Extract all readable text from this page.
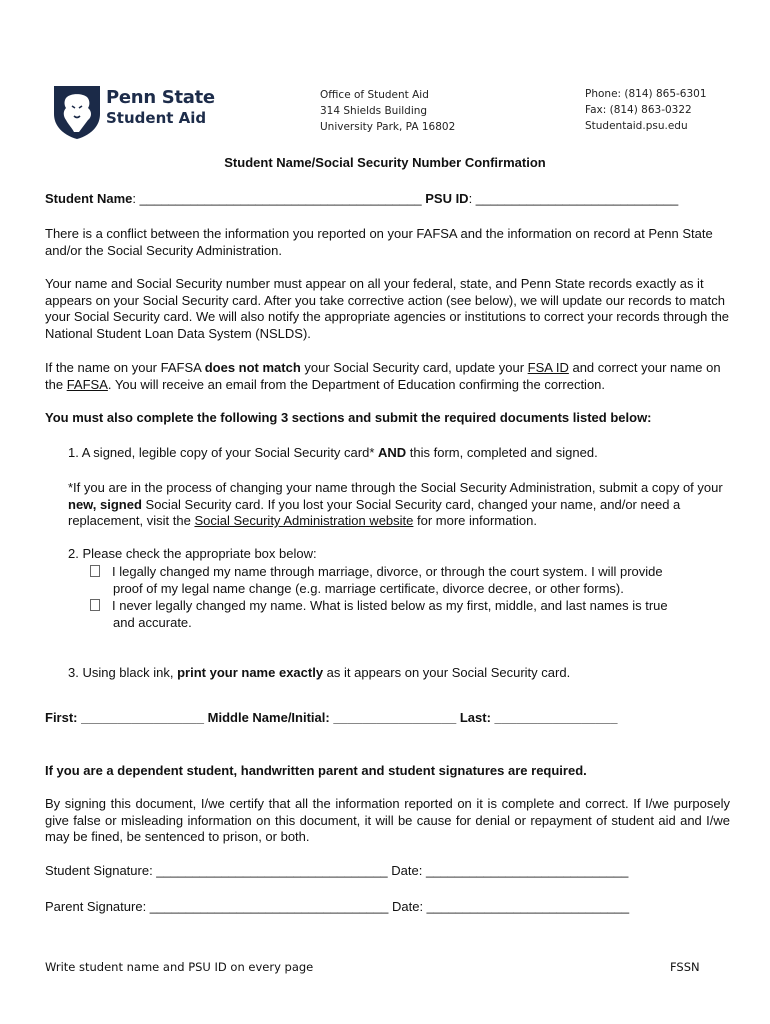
Penn State
Student Aid
Office of Student Aid
314 Shields Building
University Park, PA 16802
Phone: (814) 865-6301
Fax: (814) 863-0322
Studentaid.psu.edu
Student Name/Social Security Number Confirmation
Student Name: _______________________________________ PSU ID: ____________________________
There is a conflict between the information you reported on your FAFSA and the information on record at Penn State and/or the Social Security Administration.
Your name and Social Security number must appear on all your federal, state, and Penn State records exactly as it appears on your Social Security card. After you take corrective action (see below), we will update our records to match your Social Security card. We will also notify the appropriate agencies or institutions to correct your records through the National Student Loan Data System (NSLDS).
If the name on your FAFSA does not match your Social Security card, update your FSA ID and correct your name on the FAFSA. You will receive an email from the Department of Education confirming the correction.
You must also complete the following 3 sections and submit the required documents listed below:
1. A signed, legible copy of your Social Security card* AND this form, completed and signed.
*If you are in the process of changing your name through the Social Security Administration, submit a copy of your new, signed Social Security card. If you lost your Social Security card, changed your name, and/or need a replacement, visit the Social Security Administration website for more information.
2. Please check the appropriate box below:
I legally changed my name through marriage, divorce, or through the court system. I will provide
proof of my legal name change (e.g. marriage certificate, divorce decree, or other forms).
I never legally changed my name. What is listed below as my first, middle, and last names is true
and accurate.
3. Using black ink, print your name exactly as it appears on your Social Security card.
First: _________________ Middle Name/Initial: _________________ Last: _________________
If you are a dependent student, handwritten parent and student signatures are required.
By signing this document, I/we certify that all the information reported on it is complete and correct. If I/we purposely give false or misleading information on this document, it will be cause for denial or repayment of student aid and I/we may be fined, be sentenced to prison, or both.
Student Signature: ________________________________ Date: ____________________________
Parent Signature: _________________________________ Date: ____________________________
Write student name and PSU ID on every page	FSSN
